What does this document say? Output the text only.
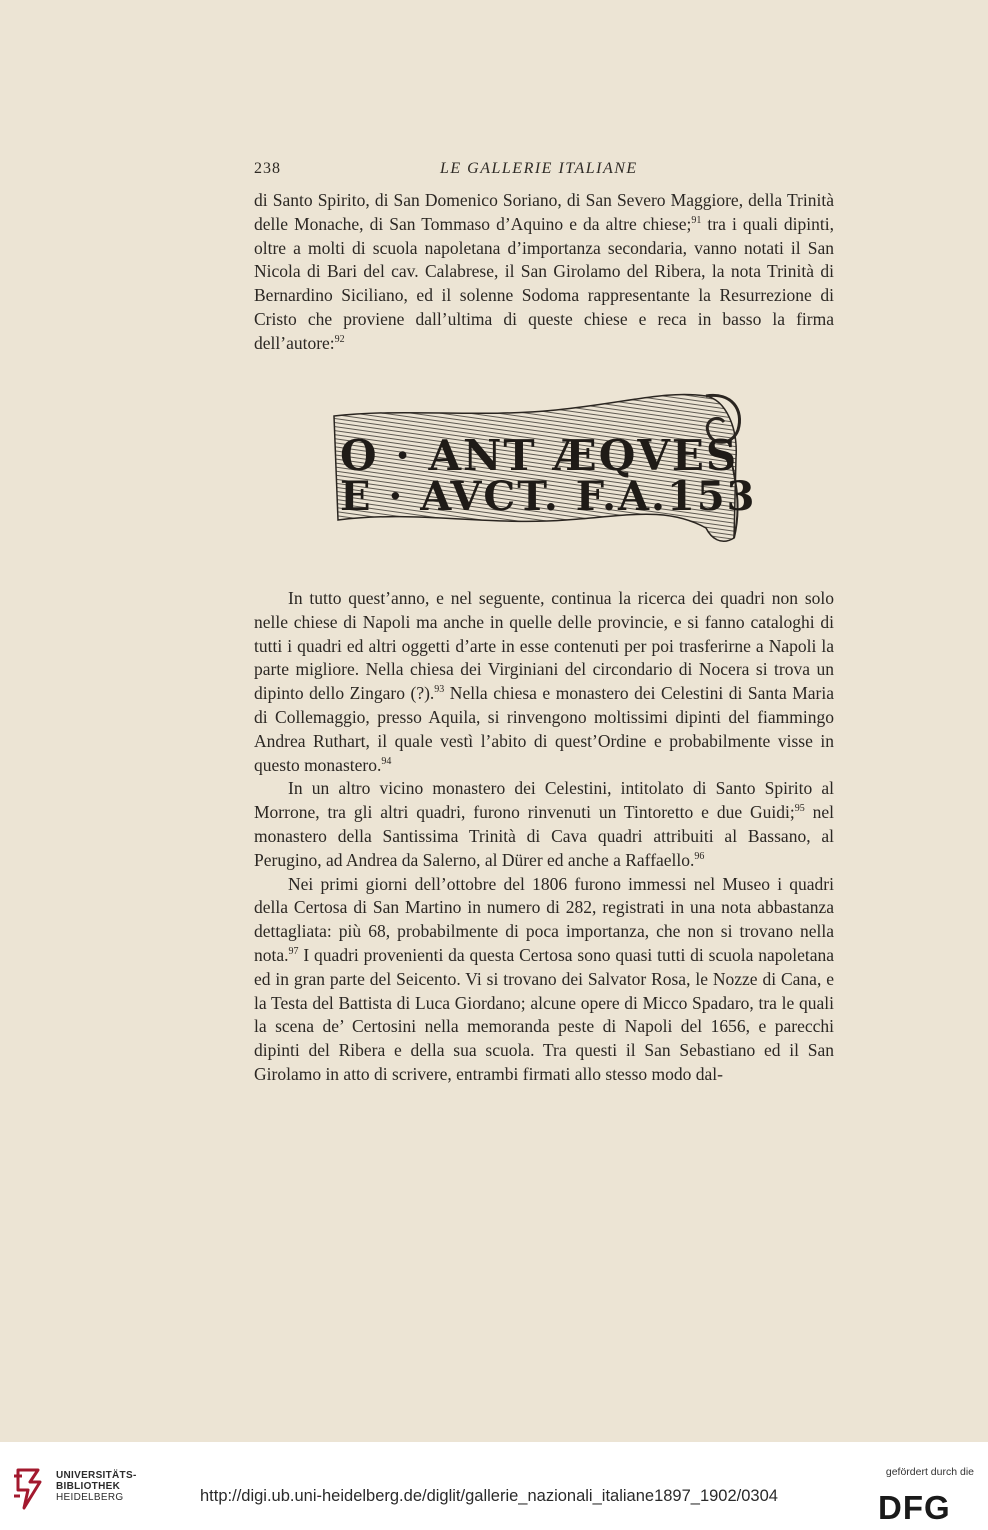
238	LE GALLERIE ITALIANE

di Santo Spirito, di San Domenico Soriano, di San Severo Maggiore, della Trinità delle Monache, di San Tommaso d’Aquino e da altre chiese;$^{91}$ tra i quali dipinti, oltre a molti di scuola napoletana d’importanza secondaria, vanno notati il San Nicola di Bari del cav. Calabrese, il San Girolamo del Ribera, la nota Trinità di Bernardino Siciliano, ed il solenne Sodoma rappresentante la Resurrezione di Cristo che proviene dall’ultima di queste chiese e reca in basso la firma dell’autore:$^{92}$

O · ANT ÆQVES
E · AVCT. F.A.1534

In tutto quest’anno, e nel seguente, continua la ricerca dei quadri non solo nelle chiese di Napoli ma anche in quelle delle provincie, e si fanno cataloghi di tutti i quadri ed altri oggetti d’arte in esse contenuti per poi trasferirne a Napoli la parte migliore. Nella chiesa dei Virginiani del circondario di Nocera si trova un dipinto dello Zingaro (?).$^{93}$ Nella chiesa e monastero dei Celestini di Santa Maria di Collemaggio, presso Aquila, si rinvengono moltissimi dipinti del fiammingo Andrea Ruthart, il quale vestì l’abito di quest’Ordine e probabilmente visse in questo monastero.$^{94}$

In un altro vicino monastero dei Celestini, intitolato di Santo Spirito al Morrone, tra gli altri quadri, furono rinvenuti un Tintoretto e due Guidi;$^{95}$ nel monastero della Santissima Trinità di Cava quadri attribuiti al Bassano, al Perugino, ad Andrea da Salerno, al Dürer ed anche a Raffaello.$^{96}$

Nei primi giorni dell’ottobre del 1806 furono immessi nel Museo i quadri della Certosa di San Martino in numero di 282, registrati in una nota abbastanza dettagliata: più 68, probabilmente di poca importanza, che non si trovano nella nota.$^{97}$ I quadri provenienti da questa Certosa sono quasi tutti di scuola napoletana ed in gran parte del Seicento. Vi si trovano dei Salvator Rosa, le Nozze di Cana, e la Testa del Battista di Luca Giordano; alcune opere di Micco Spadaro, tra le quali la scena de’ Certosini nella memoranda peste di Napoli del 1656, e parecchi dipinti del Ribera e della sua scuola. Tra questi il San Sebastiano ed il San Girolamo in atto di scrivere, entrambi firmati allo stesso modo dal-

UNIVERSITÄTS-
BIBLIOTHEK
HEIDELBERG	http://digi.ub.uni-heidelberg.de/diglit/gallerie_nazionali_italiane1897_1902/0304
gefördert durch die
DFG
